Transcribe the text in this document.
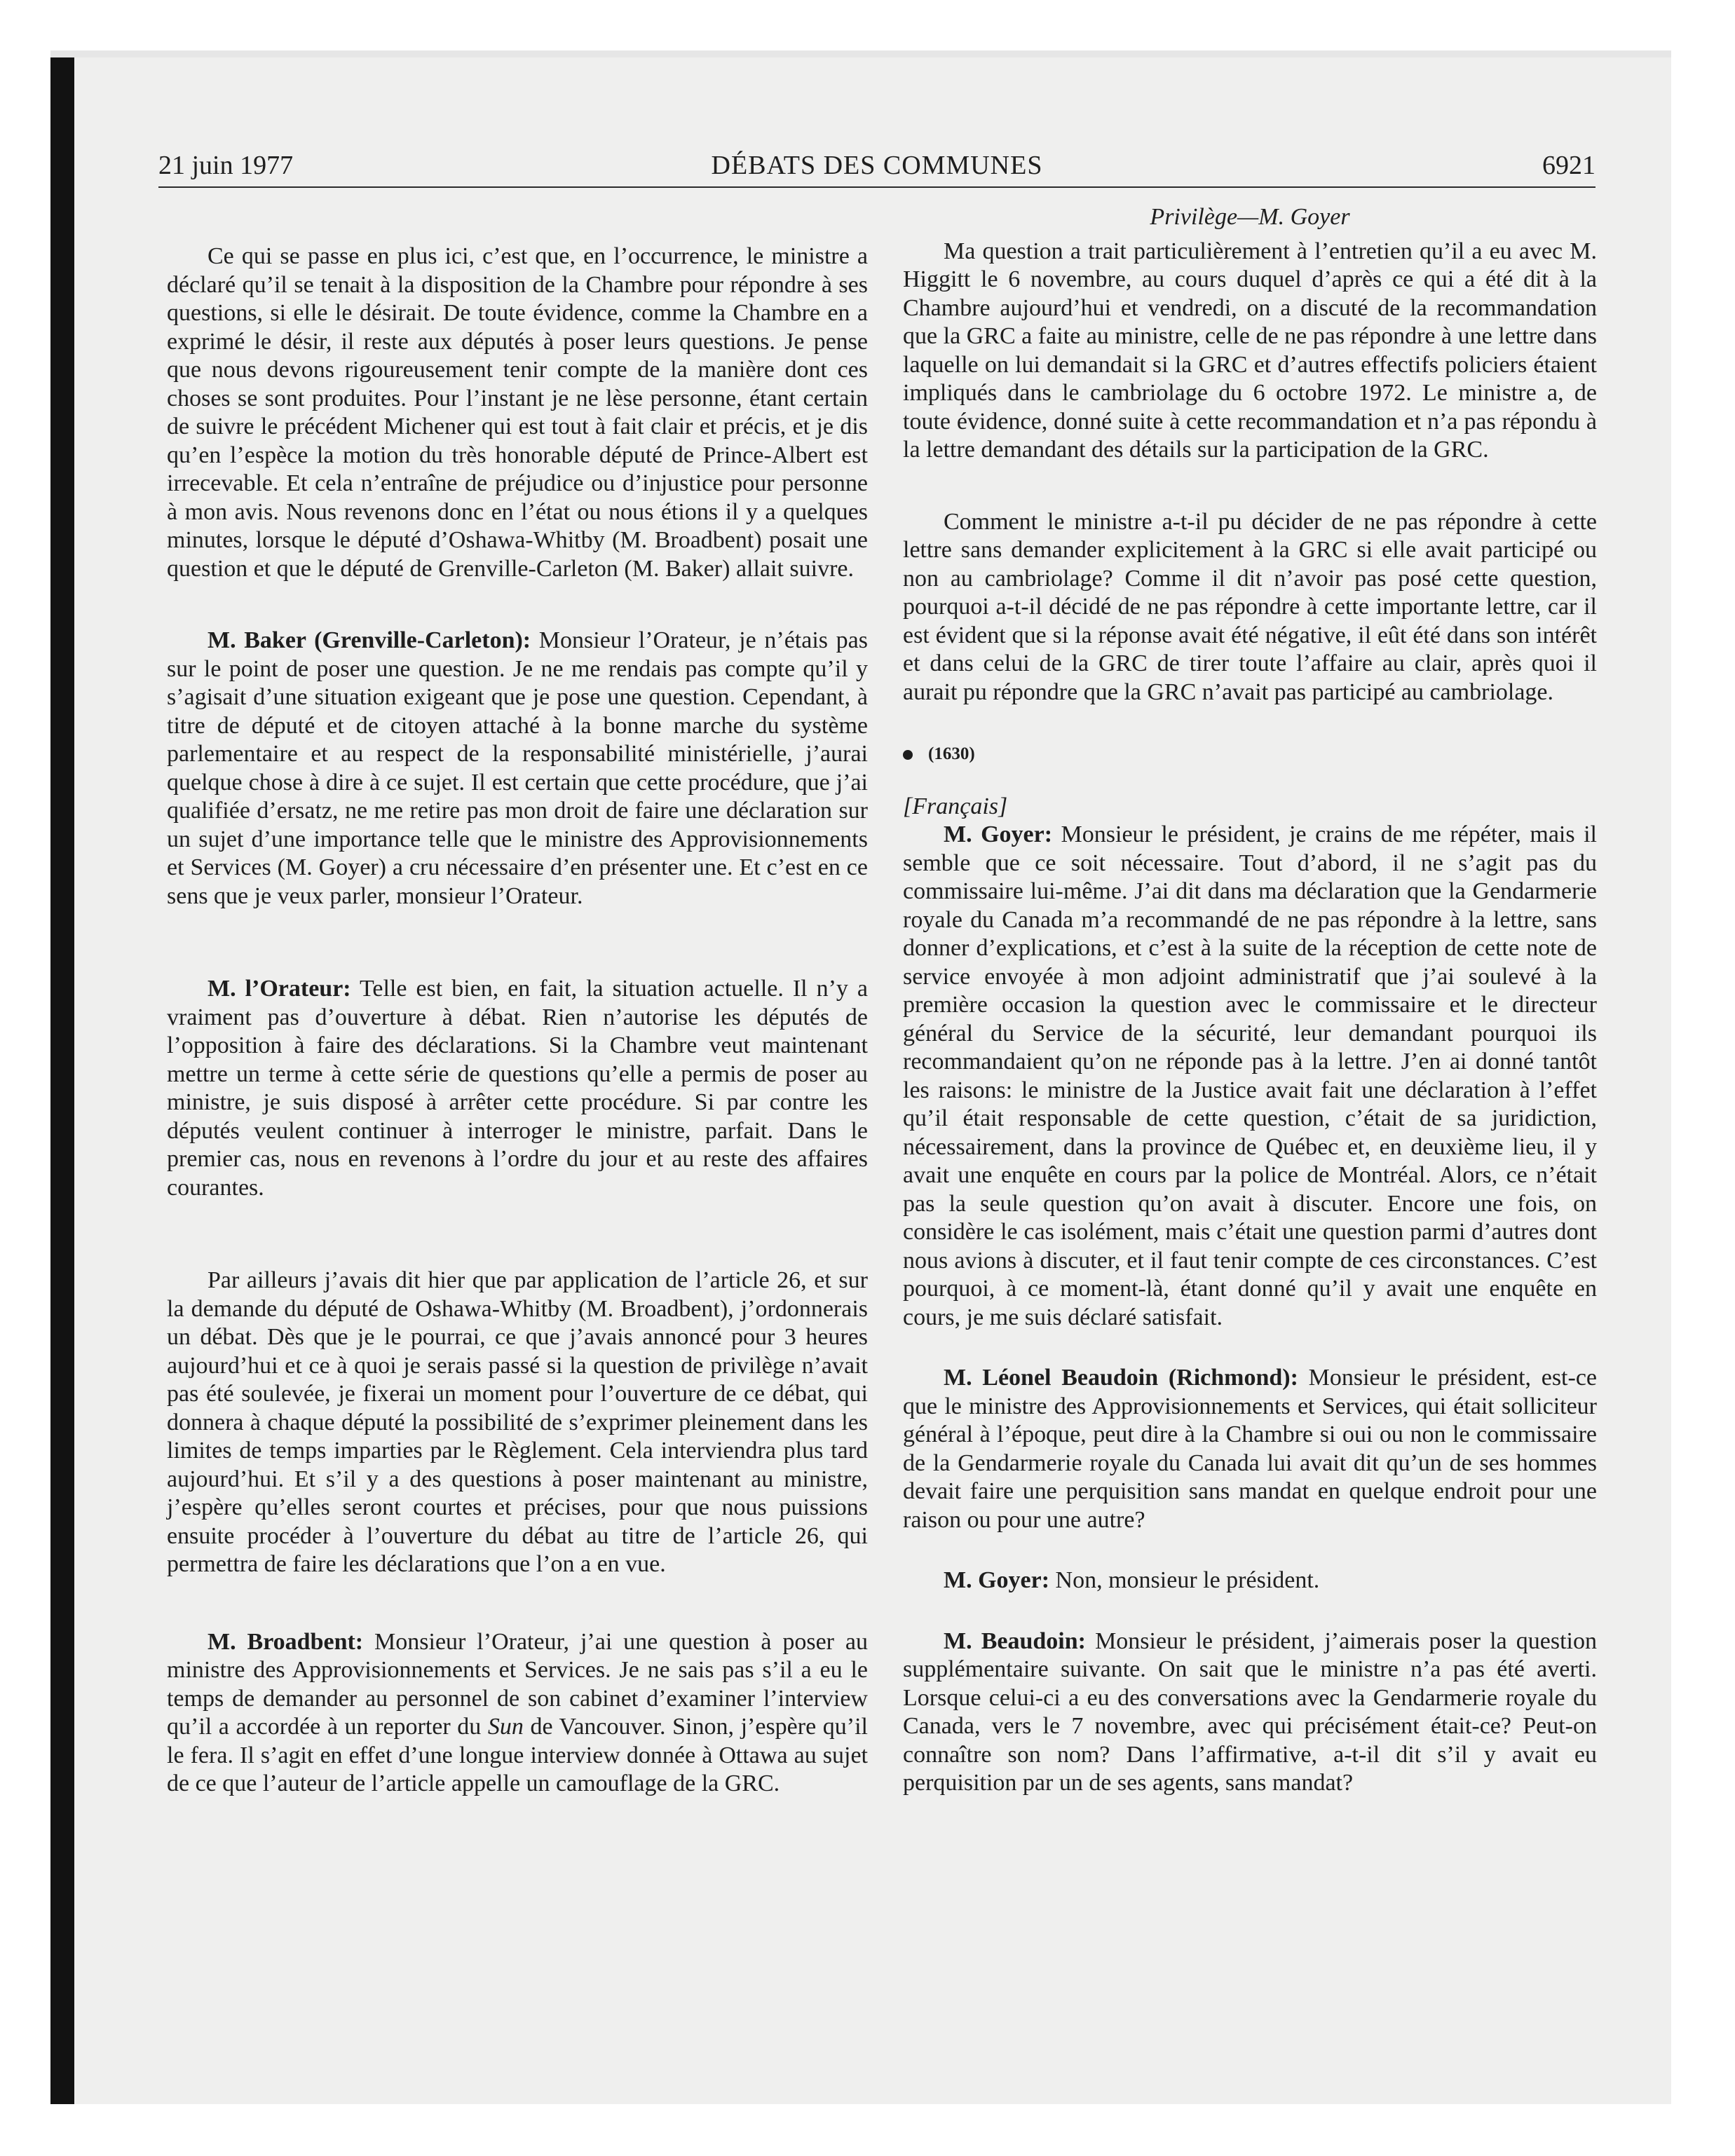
21 juin 1977	DÉBATS DES COMMUNES	6921

Ce qui se passe en plus ici, c’est que, en l’occurrence, le ministre a déclaré qu’il se tenait à la disposition de la Chambre pour répondre à ses questions, si elle le désirait. De toute évidence, comme la Chambre en a exprimé le désir, il reste aux députés à poser leurs questions. Je pense que nous devons rigoureusement tenir compte de la manière dont ces choses se sont produites. Pour l’instant je ne lèse personne, étant certain de suivre le précédent Michener qui est tout à fait clair et précis, et je dis qu’en l’espèce la motion du très honorable député de Prince-Albert est irrecevable. Et cela n’entraîne de préjudice ou d’injustice pour personne à mon avis. Nous revenons donc en l’état ou nous étions il y a quelques minutes, lorsque le député d’Oshawa-Whitby (M. Broadbent) posait une question et que le député de Grenville-Carleton (M. Baker) allait suivre.

M. Baker (Grenville-Carleton): Monsieur l’Orateur, je n’étais pas sur le point de poser une question. Je ne me rendais pas compte qu’il y s’agisait d’une situation exigeant que je pose une question. Cependant, à titre de député et de citoyen attaché à la bonne marche du système parlementaire et au respect de la responsabilité ministérielle, j’aurai quelque chose à dire à ce sujet. Il est certain que cette procédure, que j’ai qualifiée d’ersatz, ne me retire pas mon droit de faire une déclaration sur un sujet d’une importance telle que le ministre des Approvisionnements et Services (M. Goyer) a cru nécessaire d’en présenter une. Et c’est en ce sens que je veux parler, monsieur l’Orateur.

M. l’Orateur: Telle est bien, en fait, la situation actuelle. Il n’y a vraiment pas d’ouverture à débat. Rien n’autorise les députés de l’opposition à faire des déclarations. Si la Chambre veut maintenant mettre un terme à cette série de questions qu’elle a permis de poser au ministre, je suis disposé à arrêter cette procédure. Si par contre les députés veulent continuer à interroger le ministre, parfait. Dans le premier cas, nous en revenons à l’ordre du jour et au reste des affaires courantes.

Par ailleurs j’avais dit hier que par application de l’article 26, et sur la demande du député de Oshawa-Whitby (M. Broadbent), j’ordonnerais un débat. Dès que je le pourrai, ce que j’avais annoncé pour 3 heures aujourd’hui et ce à quoi je serais passé si la question de privilège n’avait pas été soulevée, je fixerai un moment pour l’ouverture de ce débat, qui donnera à chaque député la possibilité de s’exprimer pleinement dans les limites de temps imparties par le Règlement. Cela interviendra plus tard aujourd’hui. Et s’il y a des questions à poser maintenant au ministre, j’espère qu’elles seront courtes et précises, pour que nous puissions ensuite procéder à l’ouverture du débat au titre de l’article 26, qui permettra de faire les déclarations que l’on a en vue.

M. Broadbent: Monsieur l’Orateur, j’ai une question à poser au ministre des Approvisionnements et Services. Je ne sais pas s’il a eu le temps de demander au personnel de son cabinet d’examiner l’interview qu’il a accordée à un reporter du Sun de Vancouver. Sinon, j’espère qu’il le fera. Il s’agit en effet d’une longue interview donnée à Ottawa au sujet de ce que l’auteur de l’article appelle un camouflage de la GRC.

Privilège—M. Goyer

Ma question a trait particulièrement à l’entretien qu’il a eu avec M. Higgitt le 6 novembre, au cours duquel d’après ce qui a été dit à la Chambre aujourd’hui et vendredi, on a discuté de la recommandation que la GRC a faite au ministre, celle de ne pas répondre à une lettre dans laquelle on lui demandait si la GRC et d’autres effectifs policiers étaient impliqués dans le cambriolage du 6 octobre 1972. Le ministre a, de toute évidence, donné suite à cette recommandation et n’a pas répondu à la lettre demandant des détails sur la participation de la GRC.

Comment le ministre a-t-il pu décider de ne pas répondre à cette lettre sans demander explicitement à la GRC si elle avait participé ou non au cambriolage? Comme il dit n’avoir pas posé cette question, pourquoi a-t-il décidé de ne pas répondre à cette importante lettre, car il est évident que si la réponse avait été négative, il eût été dans son intérêt et dans celui de la GRC de tirer toute l’affaire au clair, après quoi il aurait pu répondre que la GRC n’avait pas participé au cambriolage.

(1630)

[Français]

M. Goyer: Monsieur le président, je crains de me répéter, mais il semble que ce soit nécessaire. Tout d’abord, il ne s’agit pas du commissaire lui-même. J’ai dit dans ma déclaration que la Gendarmerie royale du Canada m’a recommandé de ne pas répondre à la lettre, sans donner d’explications, et c’est à la suite de la réception de cette note de service envoyée à mon adjoint administratif que j’ai soulevé à la première occasion la question avec le commissaire et le directeur général du Service de la sécurité, leur demandant pourquoi ils recommandaient qu’on ne réponde pas à la lettre. J’en ai donné tantôt les raisons: le ministre de la Justice avait fait une déclaration à l’effet qu’il était responsable de cette question, c’était de sa juridiction, nécessairement, dans la province de Québec et, en deuxième lieu, il y avait une enquête en cours par la police de Montréal. Alors, ce n’était pas la seule question qu’on avait à discuter. Encore une fois, on considère le cas isolément, mais c’était une question parmi d’autres dont nous avions à discuter, et il faut tenir compte de ces circonstances. C’est pourquoi, à ce moment-là, étant donné qu’il y avait une enquête en cours, je me suis déclaré satisfait.

M. Léonel Beaudoin (Richmond): Monsieur le président, est-ce que le ministre des Approvisionnements et Services, qui était solliciteur général à l’époque, peut dire à la Chambre si oui ou non le commissaire de la Gendarmerie royale du Canada lui avait dit qu’un de ses hommes devait faire une perquisition sans mandat en quelque endroit pour une raison ou pour une autre?

M. Goyer: Non, monsieur le président.

M. Beaudoin: Monsieur le président, j’aimerais poser la question supplémentaire suivante. On sait que le ministre n’a pas été averti. Lorsque celui-ci a eu des conversations avec la Gendarmerie royale du Canada, vers le 7 novembre, avec qui précisément était-ce? Peut-on connaître son nom? Dans l’affirmative, a-t-il dit s’il y avait eu perquisition par un de ses agents, sans mandat?
